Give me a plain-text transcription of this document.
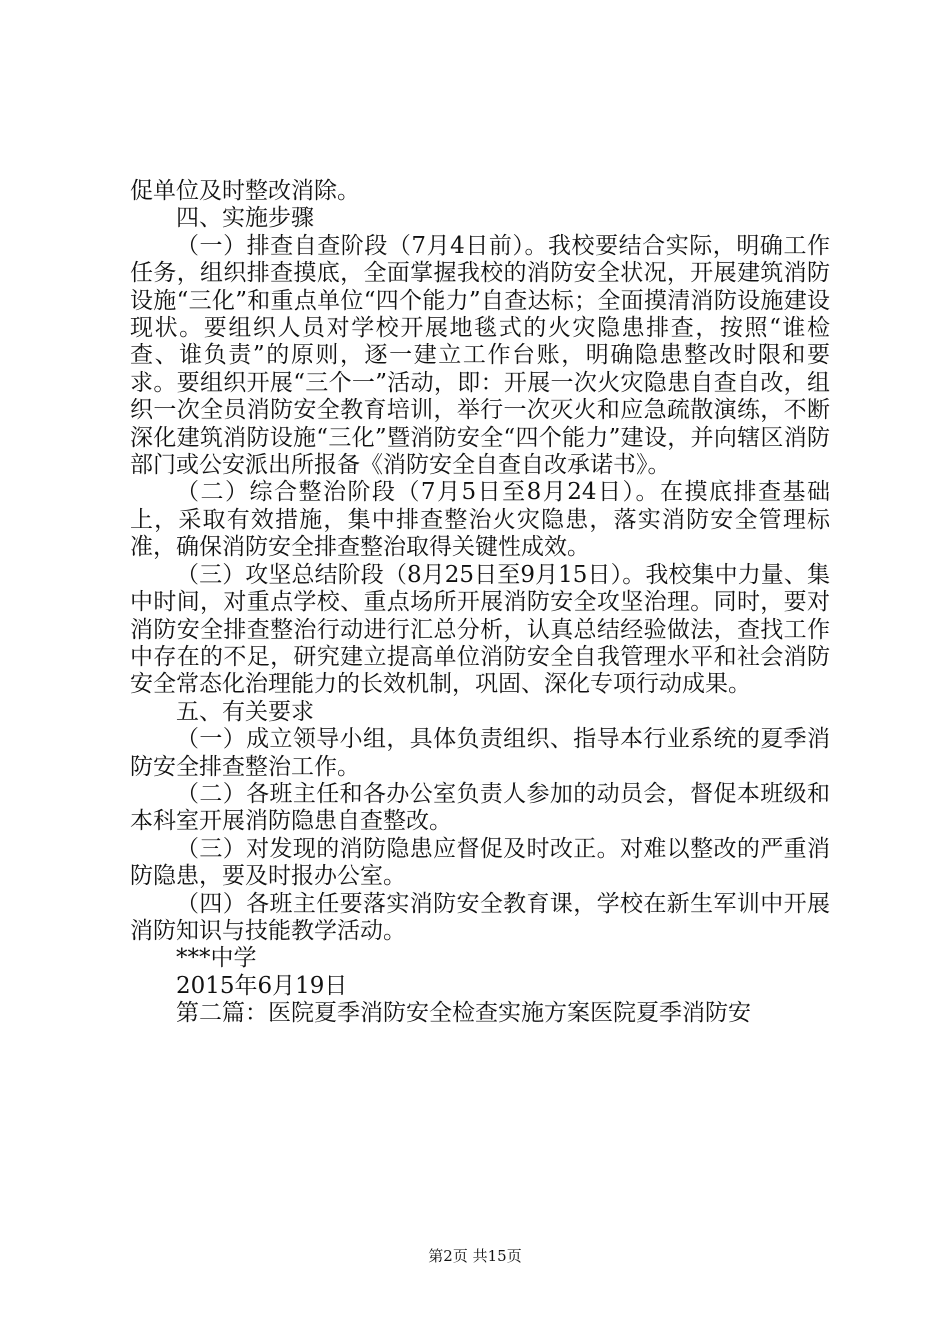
促单位及时整改消除。

四、实施步骤

（一）排查自查阶段（7月4日前）。我校要结合实际，明确工作任务，组织排查摸底，全面掌握我校的消防安全状况，开展建筑消防设施“三化”和重点单位“四个能力”自查达标；全面摸清消防设施建设现状。要组织人员对学校开展地毯式的火灾隐患排查，按照“谁检查、谁负责”的原则，逐一建立工作台账，明确隐患整改时限和要求。要组织开展“三个一”活动，即：开展一次火灾隐患自查自改，组织一次全员消防安全教育培训，举行一次灭火和应急疏散演练，不断深化建筑消防设施“三化”暨消防安全“四个能力”建设，并向辖区消防部门或公安派出所报备《消防安全自查自改承诺书》。

（二）综合整治阶段（7月5日至8月24日）。在摸底排查基础上，采取有效措施，集中排查整治火灾隐患，落实消防安全管理标准，确保消防安全排查整治取得关键性成效。

（三）攻坚总结阶段（8月25日至9月15日）。我校集中力量、集中时间，对重点学校、重点场所开展消防安全攻坚治理。同时，要对消防安全排查整治行动进行汇总分析，认真总结经验做法，查找工作中存在的不足，研究建立提高单位消防安全自我管理水平和社会消防安全常态化治理能力的长效机制，巩固、深化专项行动成果。

五、有关要求

（一）成立领导小组，具体负责组织、指导本行业系统的夏季消防安全排查整治工作。

（二）各班主任和各办公室负责人参加的动员会，督促本班级和本科室开展消防隐患自查整改。

（三）对发现的消防隐患应督促及时改正。对难以整改的严重消防隐患，要及时报办公室。

（四）各班主任要落实消防安全教育课，学校在新生军训中开展消防知识与技能教学活动。

***中学

2015年6月19日

第二篇：医院夏季消防安全检查实施方案医院夏季消防安

第2页 共15页
